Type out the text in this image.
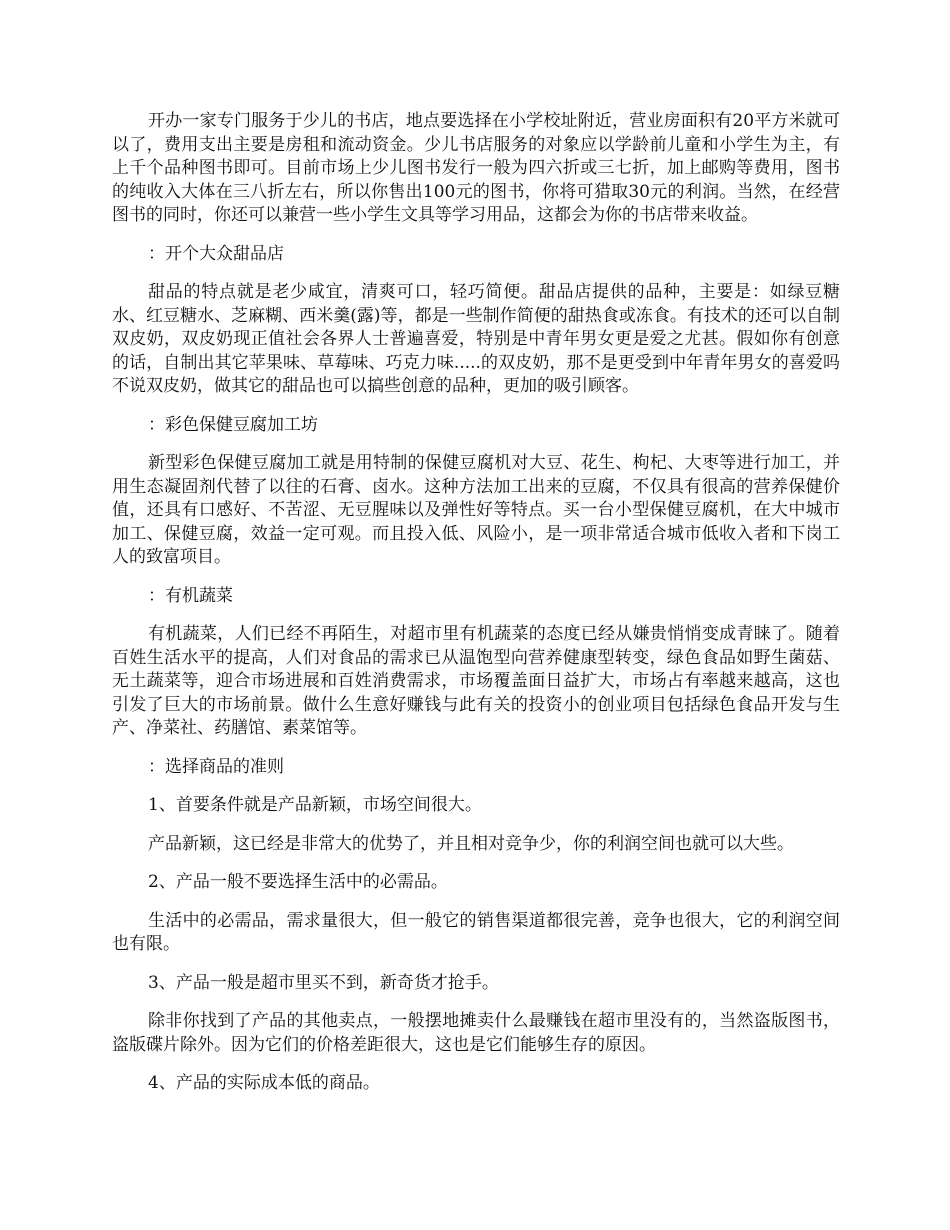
开办一家专门服务于少儿的书店，地点要选择在小学校址附近，营业房面积有20平方米就可以了，费用支出主要是房租和流动资金。少儿书店服务的对象应以学龄前儿童和小学生为主，有上千个品种图书即可。目前市场上少儿图书发行一般为四六折或三七折，加上邮购等费用，图书的纯收入大体在三八折左右，所以你售出100元的图书，你将可猎取30元的利润。当然，在经营图书的同时，你还可以兼营一些小学生文具等学习用品，这都会为你的书店带来收益。

：开个大众甜品店

甜品的特点就是老少咸宜，清爽可口，轻巧简便。甜品店提供的品种，主要是：如绿豆糖水、红豆糖水、芝麻糊、西米羹(露)等，都是一些制作简便的甜热食或冻食。有技术的还可以自制双皮奶，双皮奶现正值社会各界人士普遍喜爱，特别是中青年男女更是爱之尤甚。假如你有创意的话，自制出其它苹果味、草莓味、巧克力味.....的双皮奶，那不是更受到中年青年男女的喜爱吗不说双皮奶，做其它的甜品也可以搞些创意的品种，更加的吸引顾客。

：彩色保健豆腐加工坊

新型彩色保健豆腐加工就是用特制的保健豆腐机对大豆、花生、枸杞、大枣等进行加工，并用生态凝固剂代替了以往的石膏、卤水。这种方法加工出来的豆腐，不仅具有很高的营养保健价值，还具有口感好、不苦涩、无豆腥味以及弹性好等特点。买一台小型保健豆腐机，在大中城市加工、保健豆腐，效益一定可观。而且投入低、风险小，是一项非常适合城市低收入者和下岗工人的致富项目。

：有机蔬菜

有机蔬菜，人们已经不再陌生，对超市里有机蔬菜的态度已经从嫌贵悄悄变成青睐了。随着百姓生活水平的提高，人们对食品的需求已从温饱型向营养健康型转变，绿色食品如野生菌菇、无土蔬菜等，迎合市场进展和百姓消费需求，市场覆盖面日益扩大，市场占有率越来越高，这也引发了巨大的市场前景。做什么生意好赚钱与此有关的投资小的创业项目包括绿色食品开发与生产、净菜社、药膳馆、素菜馆等。

：选择商品的准则

1、首要条件就是产品新颖，市场空间很大。

产品新颖，这已经是非常大的优势了，并且相对竞争少，你的利润空间也就可以大些。

2、产品一般不要选择生活中的必需品。

生活中的必需品，需求量很大，但一般它的销售渠道都很完善，竞争也很大，它的利润空间也有限。

3、产品一般是超市里买不到，新奇货才抢手。

除非你找到了产品的其他卖点，一般摆地摊卖什么最赚钱在超市里没有的，当然盗版图书，盗版碟片除外。因为它们的价格差距很大，这也是它们能够生存的原因。

4、产品的实际成本低的商品。
